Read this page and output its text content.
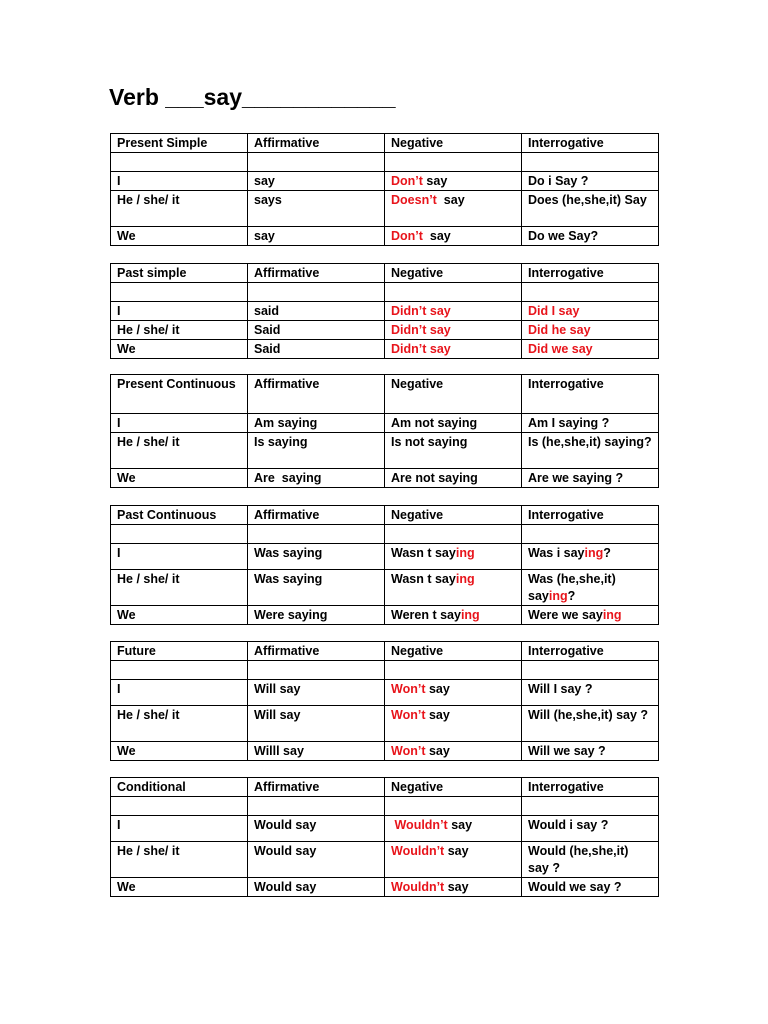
Verb ___say____________
Present Simple	Affirmative	Negative	Interrogative

I	say	Don’t say	Do i Say ?
He / she/ it	says	Doesn’t  say	Does (he,she,it) Say
We	say	Don’t  say	Do we Say?
Past simple	Affirmative	Negative	Interrogative

I	said	Didn’t say	Did I say
He / she/ it	Said	Didn’t say	Did he say
We	Said	Didn’t say	Did we say
Present Continuous	Affirmative	Negative	Interrogative
I	Am saying	Am not saying	Am I saying ?
He / she/ it	Is saying	Is not saying	Is (he,she,it) saying?
We	Are  saying	Are not saying	Are we saying ?
Past Continuous	Affirmative	Negative	Interrogative

I	Was saying	Wasn t saying	Was i saying?
He / she/ it	Was saying	Wasn t saying	Was (he,she,it) saying?
We	Were saying	Weren t saying	Were we saying
Future	Affirmative	Negative	Interrogative

I	Will say	Won’t say	Will I say ?
He / she/ it	Will say	Won’t say	Will (he,she,it) say ?
We	Willl say	Won’t say	Will we say ?
Conditional	Affirmative	Negative	Interrogative

I	Would say	Wouldn’t say	Would i say ?
He / she/ it	Would say	Wouldn’t say	Would (he,she,it) say ?
We	Would say	Wouldn’t say	Would we say ?
